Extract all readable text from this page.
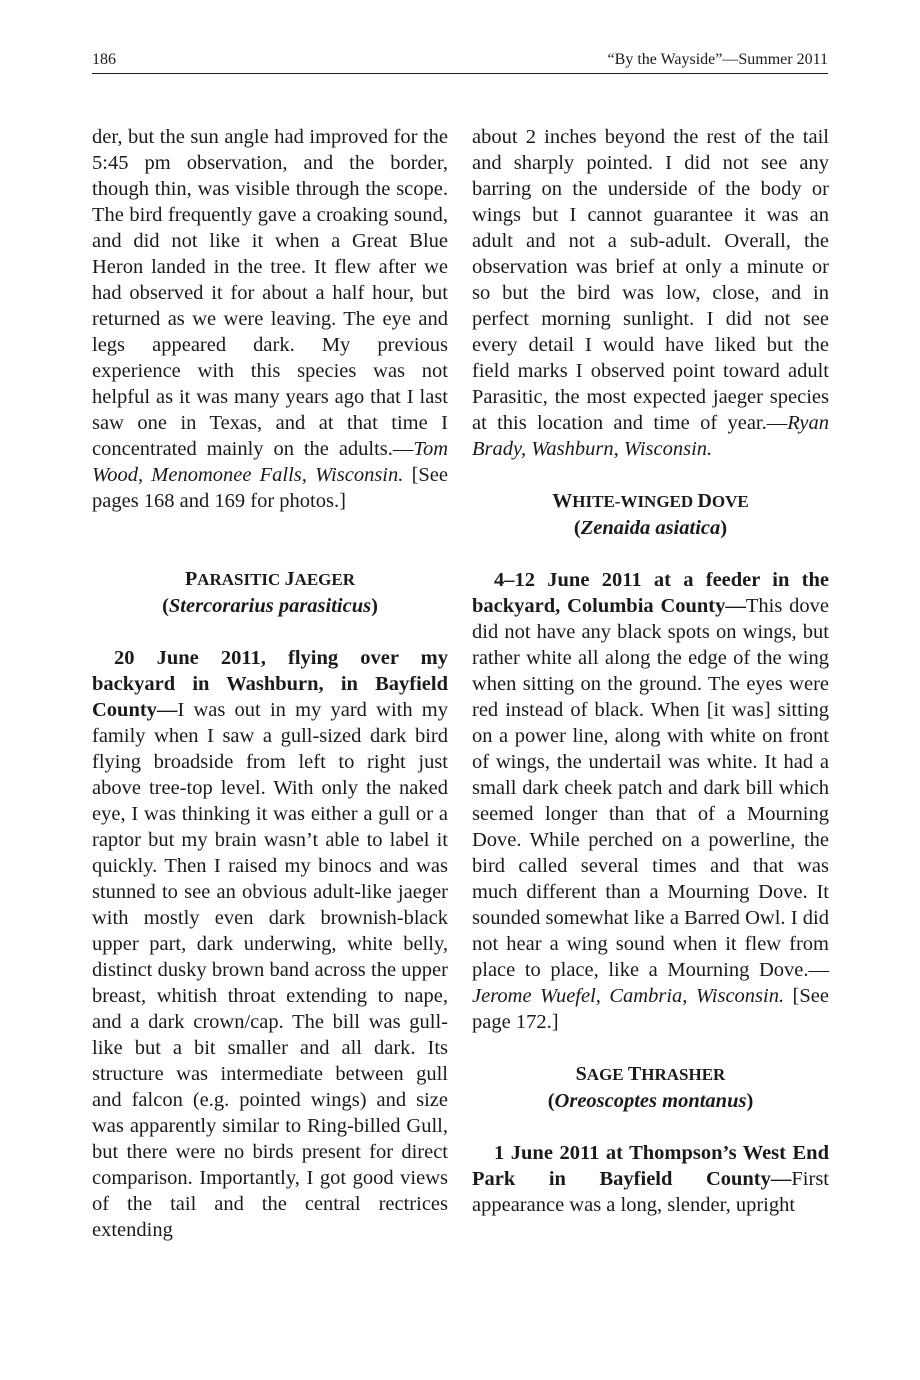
186	“By the Wayside”—Summer 2011

der, but the sun angle had improved for the 5:45 pm observation, and the border, though thin, was visible through the scope. The bird frequently gave a croaking sound, and did not like it when a Great Blue Heron landed in the tree. It flew after we had observed it for about a half hour, but returned as we were leaving. The eye and legs appeared dark. My previous experience with this species was not helpful as it was many years ago that I last saw one in Texas, and at that time I concentrated mainly on the adults.—Tom Wood, Menomonee Falls, Wisconsin. [See pages 168 and 169 for photos.]

PARASITIC JAEGER

(Stercorarius parasiticus)

20 June 2011, flying over my backyard in Washburn, in Bayfield County—I was out in my yard with my family when I saw a gull-sized dark bird flying broadside from left to right just above tree-top level. With only the naked eye, I was thinking it was either a gull or a raptor but my brain wasn’t able to label it quickly. Then I raised my binocs and was stunned to see an obvious adult-like jaeger with mostly even dark brownish-black upper part, dark underwing, white belly, distinct dusky brown band across the upper breast, whitish throat extending to nape, and a dark crown/cap. The bill was gull-like but a bit smaller and all dark. Its structure was intermediate between gull and falcon (e.g. pointed wings) and size was apparently similar to Ring-billed Gull, but there were no birds present for direct comparison. Importantly, I got good views of the tail and the central rectrices extending

about 2 inches beyond the rest of the tail and sharply pointed. I did not see any barring on the underside of the body or wings but I cannot guarantee it was an adult and not a sub-adult. Overall, the observation was brief at only a minute or so but the bird was low, close, and in perfect morning sunlight. I did not see every detail I would have liked but the field marks I observed point toward adult Parasitic, the most expected jaeger species at this location and time of year.—Ryan Brady, Washburn, Wisconsin.

WHITE-WINGED DOVE

(Zenaida asiatica)

4–12 June 2011 at a feeder in the backyard, Columbia County—This dove did not have any black spots on wings, but rather white all along the edge of the wing when sitting on the ground. The eyes were red instead of black. When [it was] sitting on a power line, along with white on front of wings, the undertail was white. It had a small dark cheek patch and dark bill which seemed longer than that of a Mourning Dove. While perched on a powerline, the bird called several times and that was much different than a Mourning Dove. It sounded somewhat like a Barred Owl. I did not hear a wing sound when it flew from place to place, like a Mourning Dove.—Jerome Wuefel, Cambria, Wisconsin. [See page 172.]

SAGE THRASHER

(Oreoscoptes montanus)

1 June 2011 at Thompson’s West End Park in Bayfield County—First appearance was a long, slender, upright
